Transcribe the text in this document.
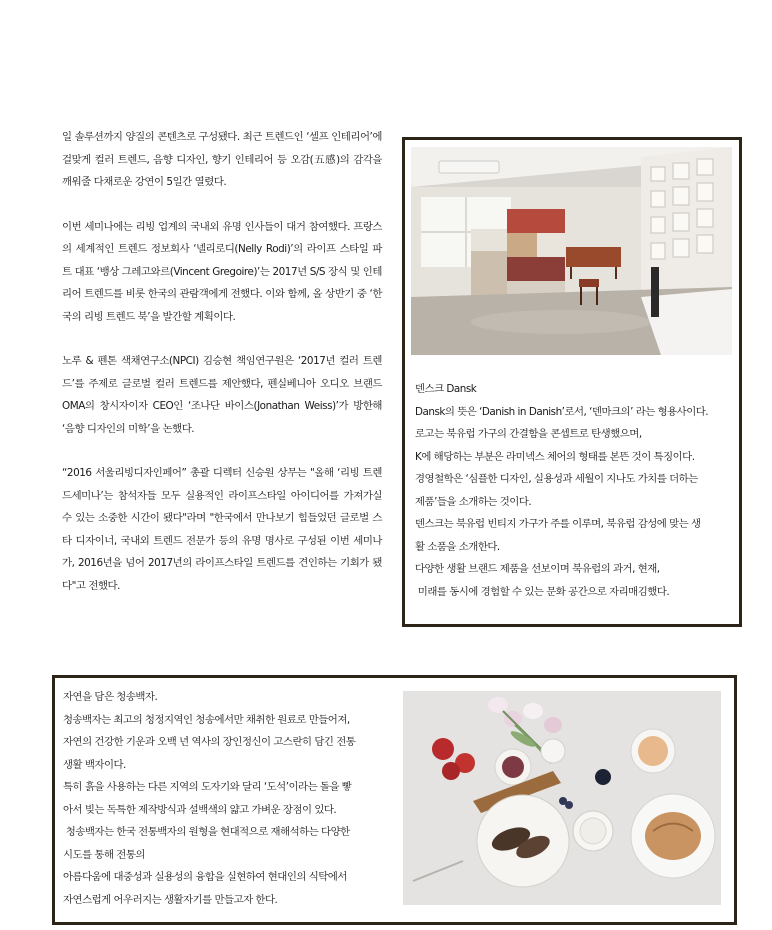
일 솔루션까지 양질의 콘텐츠로 구성됐다. 최근 트렌드인 ‘셀프 인테리어’에 걸맞게 컬러 트렌드, 음향 디자인, 향기 인테리어 등 오감(五感)의 감각을 깨워줄 다채로운 강연이 5일간 열렸다.

이번 세미나에는 리빙 업계의 국내외 유명 인사들이 대거 참여했다. 프랑스의 세계적인 트렌드 정보회사 ‘넬리로디(Nelly Rodi)’의 라이프 스타일 파트 대표 ‘뱅상 그레고와르(Vincent Gregoire)’는 2017년 S/S 장식 및 인테리어 트렌드를 비롯 한국의 관람객에게 전했다. 이와 함께, 올 상반기 중 ‘한국의 리빙 트렌드 북’을 발간할 계획이다.

노루 & 펜톤 색채연구소(NPCI) 김승현 책임연구원은 ‘2017년 컬러 트렌드’를 주제로 글로벌 컬러 트렌드를 제안했다, 펜실베니아 오디오 브랜드 OMA의 창시자이자 CEO인 ‘조나단 바이스(Jonathan Weiss)’가 방한해 ‘음향 디자인의 미학’을 논했다.

“2016 서울리빙디자인페어” 총괄 디렉터 신승원 상무는 "올해 ‘리빙 트렌드세미나’는 참석자들 모두 실용적인 라이프스타일 아이디어를 가져가실 수 있는 소중한 시간이 됐다"라며 "한국에서 만나보기 힘들었던 글로벌 스타 디자이너, 국내외 트렌드 전문가 등의 유명 명사로 구성된 이번 세미나가, 2016년을 넘어 2017년의 라이프스타일 트렌드를 견인하는 기회가 됐다"고 전했다.

덴스크 Dansk
Dansk의 뜻은 ‘Danish in Danish’로서, ‘덴마크의’ 라는 형용사이다.
로고는 북유럽 가구의 간결함을 콘셉트로 탄생했으며,
K에 해당하는 부분은 라미넥스 체어의 형태를 본뜬 것이 특징이다.
경영철학은 ‘심플한 디자인, 실용성과 세월이 지나도 가치를 더하는
제품’들을 소개하는 것이다.
덴스크는 북유럽 빈티지 가구가 주를 이루며, 북유럽 감성에 맞는 생
활 소품을 소개한다.
다양한 생활 브랜드 제품을 선보이며 북유럽의 과거, 현재,
미래를 동시에 경험할 수 있는 문화 공간으로 자리매김했다.
자연을 담은 청송백자.
청송백자는 최고의 청정지역인 청송에서만 채취한 원료로 만들어져,
자연의 건강한 기운과 오백 년 역사의 장인정신이 고스란히 담긴 전통
생활 백자이다.
특히 흙을 사용하는 다른 지역의 도자기와 달리 ‘도석’이라는 돌을 빻
아서 빚는 독특한 제작방식과 설백색의 얇고 가벼운 장점이 있다.
청송백자는 한국 전통백자의 원형을 현대적으로 재해석하는 다양한
시도를 통해 전통의
아름다움에 대중성과 실용성의 융합을 실현하여 현대인의 식탁에서
자연스럽게 어우러지는 생활자기를 만들고자 한다.
